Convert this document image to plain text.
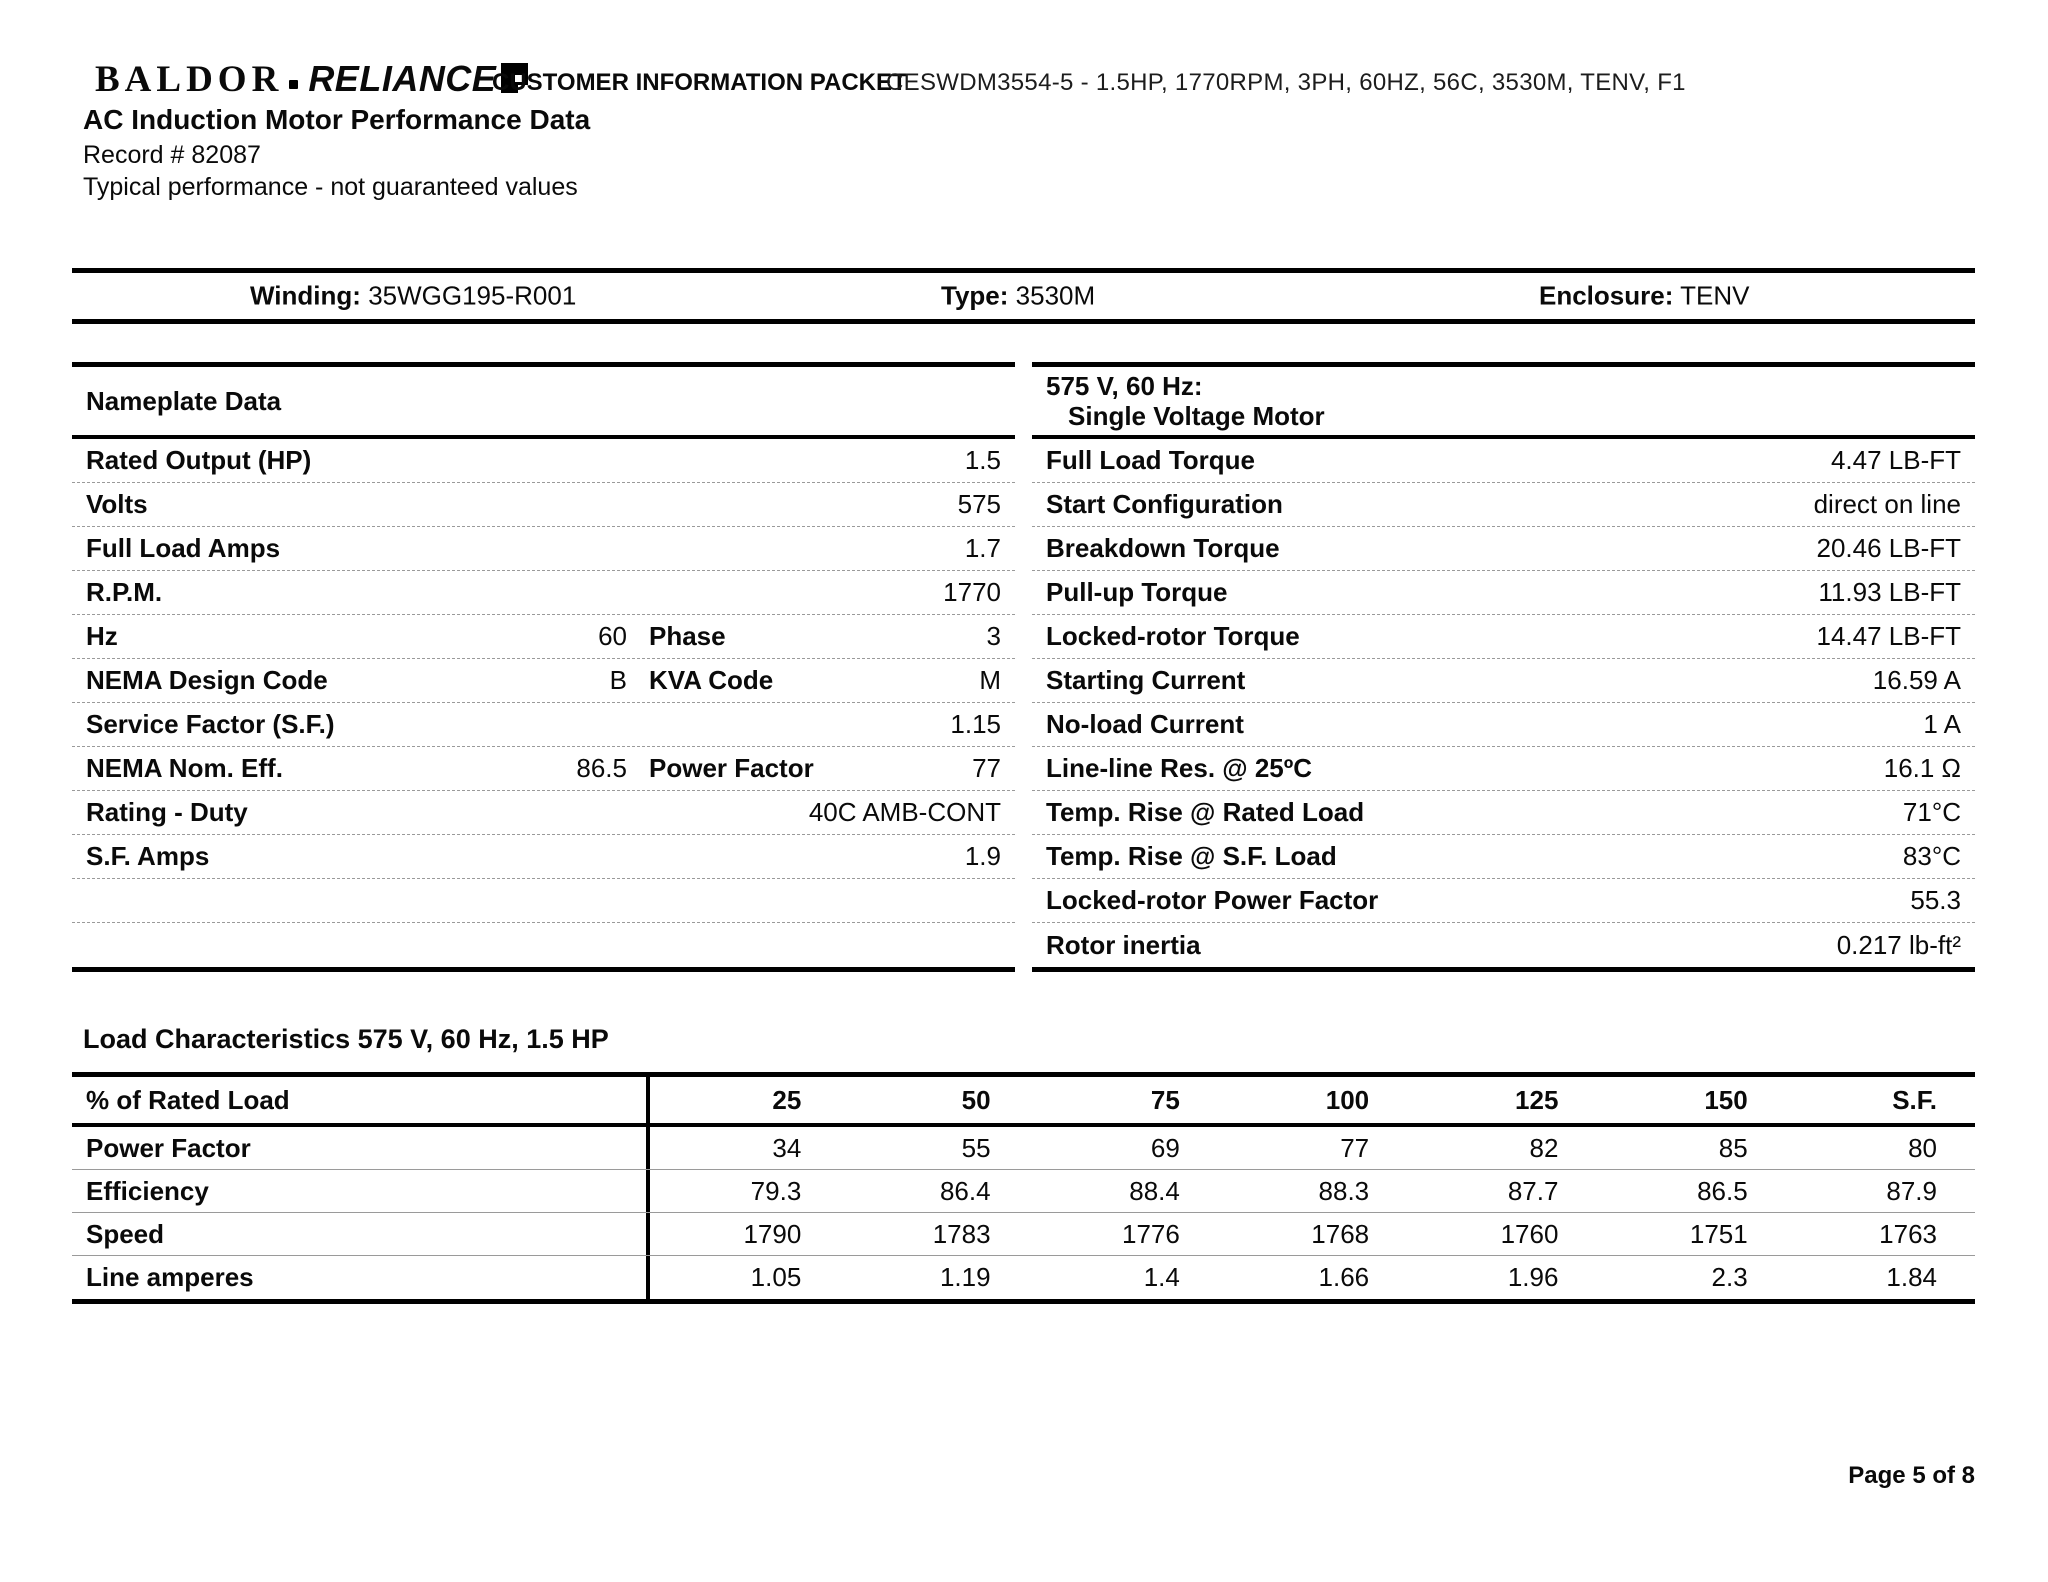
BALDOR RELIANCE
CUSTOMER INFORMATION PACKET
CESWDM3554-5 - 1.5HP, 1770RPM, 3PH, 60HZ, 56C, 3530M, TENV, F1
AC Induction Motor Performance Data
Record # 82087
Typical performance - not guaranteed values
Winding: 35WGG195-R001	Type: 3530M	Enclosure: TENV
Nameplate Data
Rated Output (HP)	1.5
Volts	575
Full Load Amps	1.7
R.P.M.	1770
Hz	60 Phase	3
NEMA Design Code	B KVA Code	M
Service Factor (S.F.)	1.15
NEMA Nom. Eff.	86.5 Power Factor	77
Rating - Duty	40C AMB-CONT
S.F. Amps	1.9
575 V, 60 Hz:
Single Voltage Motor
Full Load Torque	4.47 LB-FT
Start Configuration	direct on line
Breakdown Torque	20.46 LB-FT
Pull-up Torque	11.93 LB-FT
Locked-rotor Torque	14.47 LB-FT
Starting Current	16.59 A
No-load Current	1 A
Line-line Res. @ 25ºC	16.1 Ω
Temp. Rise @ Rated Load	71°C
Temp. Rise @ S.F. Load	83°C
Locked-rotor Power Factor	55.3
Rotor inertia	0.217 lb-ft²
Load Characteristics 575 V, 60 Hz, 1.5 HP
% of Rated Load	25	50	75	100	125	150	S.F.
Power Factor	34	55	69	77	82	85	80
Efficiency	79.3	86.4	88.4	88.3	87.7	86.5	87.9
Speed	1790	1783	1776	1768	1760	1751	1763
Line amperes	1.05	1.19	1.4	1.66	1.96	2.3	1.84
Page 5 of 8
